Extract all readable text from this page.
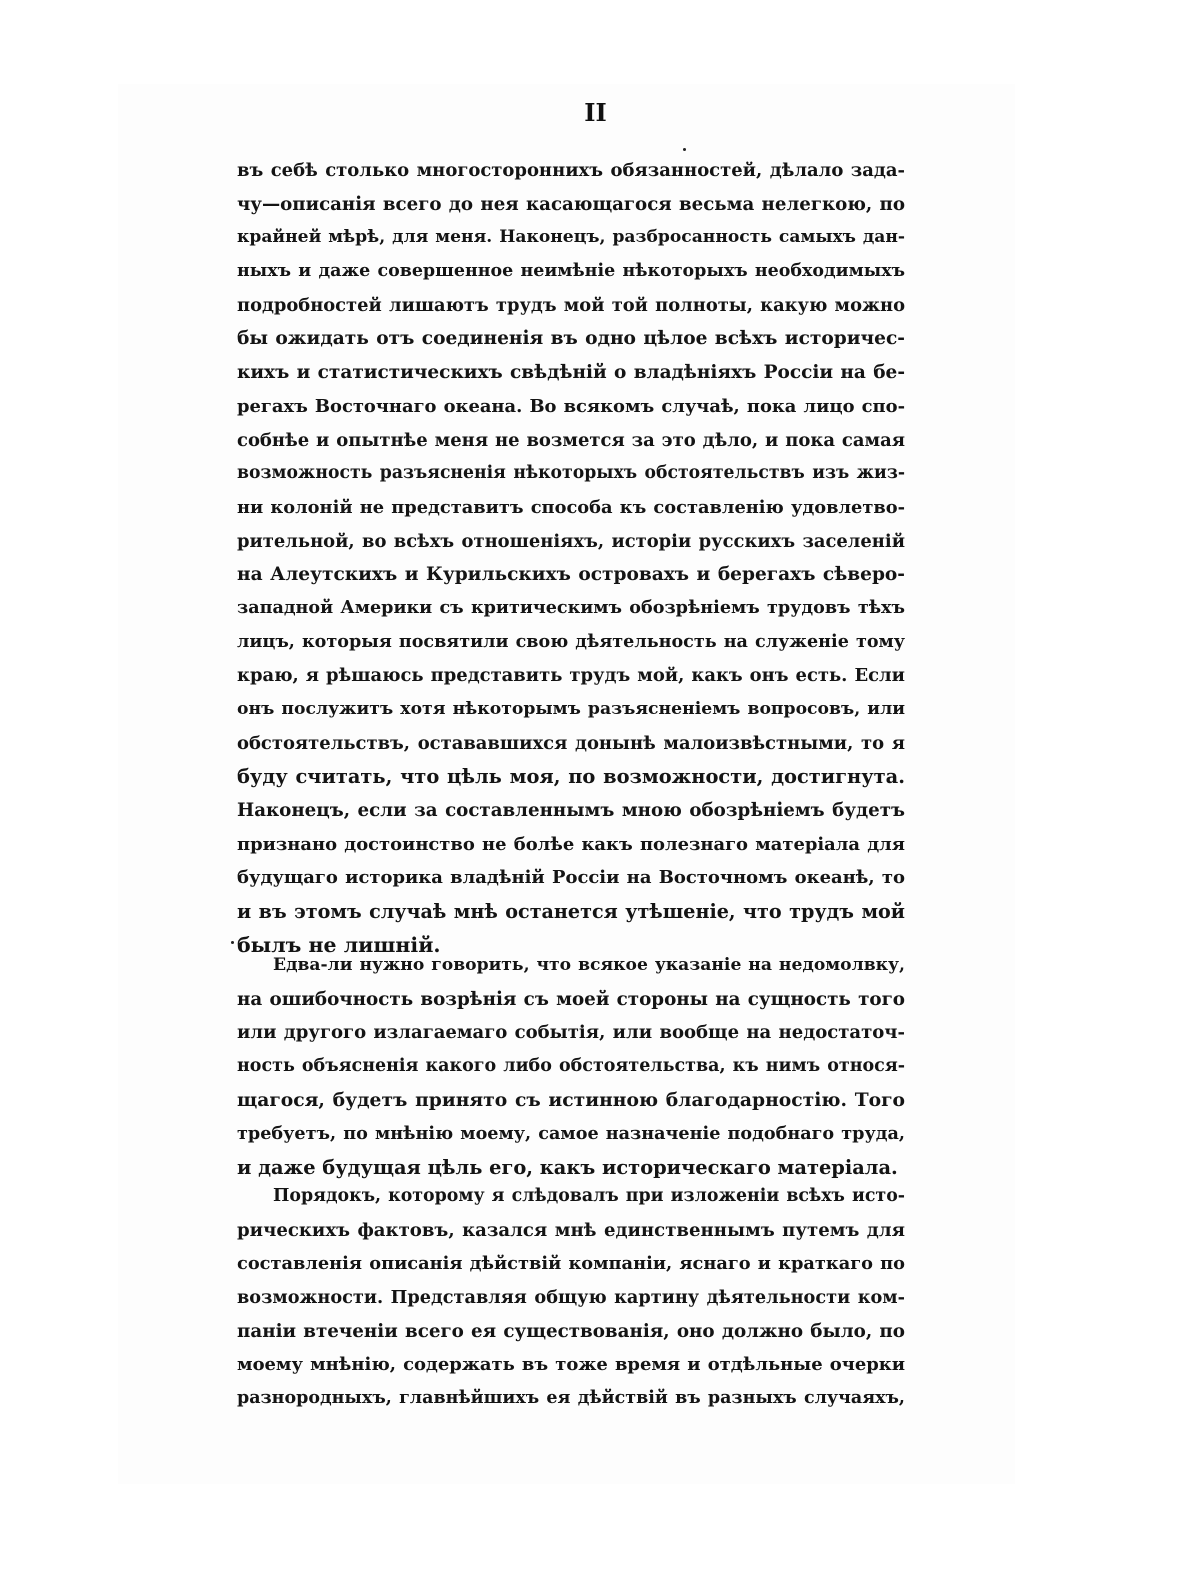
II
въ себѣ столько многостороннихъ обязанностей, дѣлало зада-
чу—описанія всего до нея касающагося весьма нелегкою, по
крайней мѣрѣ, для меня. Наконецъ, разбросанность самыхъ дан-
ныхъ и даже совершенное неимѣніе нѣкоторыхъ необходимыхъ
подробностей лишаютъ трудъ мой той полноты, какую можно
бы ожидать отъ соединенія въ одно цѣлое всѣхъ историчес-
кихъ и статистическихъ свѣдѣній о владѣніяхъ Россіи на бе-
регахъ Восточнаго океана. Во всякомъ случаѣ, пока лицо спо-
собнѣе и опытнѣе меня не возмется за это дѣло, и пока самая
возможность разъясненія нѣкоторыхъ обстоятельствъ изъ жиз-
ни колоній не представитъ способа къ составленію удовлетво-
рительной, во всѣхъ отношеніяхъ, исторіи русскихъ заселеній
на Алеутскихъ и Курильскихъ островахъ и берегахъ сѣверо-
западной Америки съ критическимъ обозрѣніемъ трудовъ тѣхъ
лицъ, которыя посвятили свою дѣятельность на служеніе тому
краю, я рѣшаюсь представить трудъ мой, какъ онъ есть. Если
онъ послужитъ хотя нѣкоторымъ разъясненіемъ вопросовъ, или
обстоятельствъ, остававшихся донынѣ малоизвѣстными, то я
буду считать, что цѣль моя, по возможности, достигнута.
Наконецъ, если за составленнымъ мною обозрѣніемъ будетъ
признано достоинство не болѣе какъ полезнаго матеріала для
будущаго историка владѣній Россіи на Восточномъ океанѣ, то
и въ этомъ случаѣ мнѣ останется утѣшеніе, что трудъ мой
былъ не лишній.
Едва-ли нужно говорить, что всякое указаніе на недомолвку,
на ошибочность возрѣнія съ моей стороны на сущность того
или другого излагаемаго событія, или вообще на недостаточ-
ность объясненія какого либо обстоятельства, къ нимъ относя-
щагося, будетъ принято съ истинною благодарностію. Того
требуетъ, по мнѣнію моему, самое назначеніе подобнаго труда,
и даже будущая цѣль его, какъ историческаго матеріала.
Порядокъ, которому я слѣдовалъ при изложеніи всѣхъ исто-
рическихъ фактовъ, казался мнѣ единственнымъ путемъ для
составленія описанія дѣйствій компаніи, яснаго и краткаго по
возможности. Представляя общую картину дѣятельности ком-
паніи втеченіи всего ея существованія, оно должно было, по
моему мнѣнію, содержать въ тоже время и отдѣльные очерки
разнородныхъ, главнѣйшихъ ея дѣйствій въ разныхъ случаяхъ,
